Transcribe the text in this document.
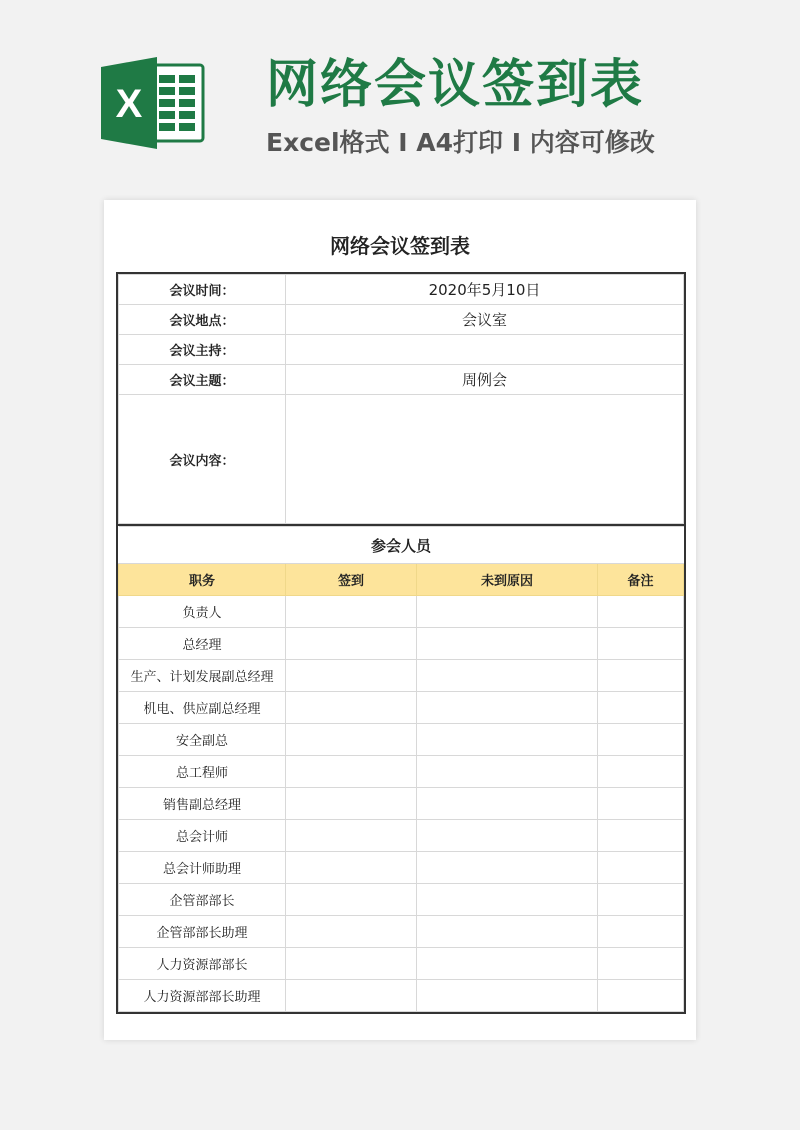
X 网络会议签到表
Excel格式 I A4打印 I 内容可修改
网络会议签到表
会议时间：	2020年5月10日
会议地点：	会议室
会议主持：	
会议主题：	周例会
会议内容：	
参会人员			
职务	签到	未到原因	备注
负责人			
总经理			
生产、计划发展副总经理			
机电、供应副总经理			
安全副总			
总工程师			
销售副总经理			
总会计师			
总会计师助理			
企管部部长			
企管部部长助理			
人力资源部部长			
人力资源部部长助理			
